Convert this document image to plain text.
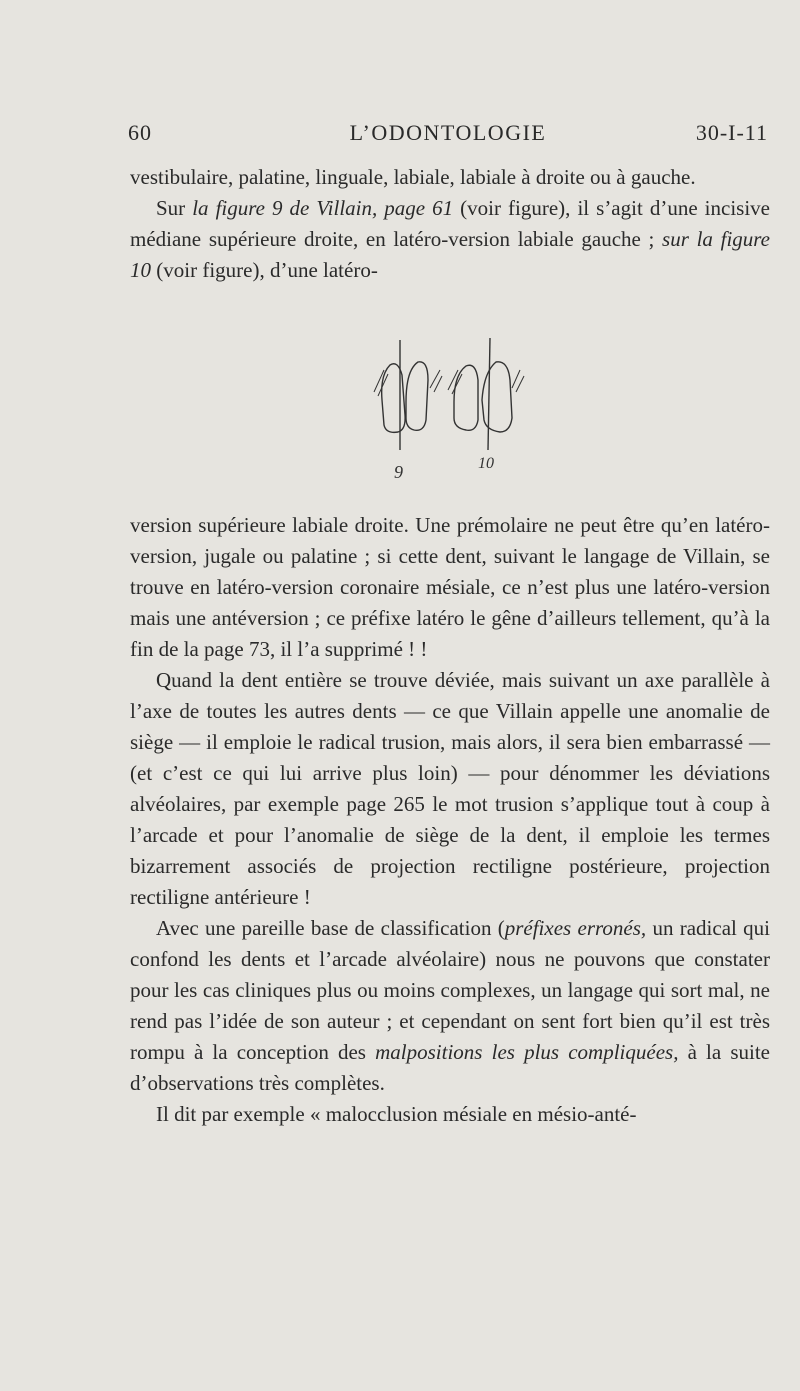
60	L’ODONTOLOGIE	30-I-11

vestibulaire, palatine, linguale, labiale, labiale à droite ou à gauche.

Sur la figure 9 de Villain, page 61 (voir figure), il s’agit d’une incisive médiane supérieure droite, en latéro-version labiale gauche ; sur la figure 10 (voir figure), d’une latéro-

9	10

version supérieure labiale droite. Une prémolaire ne peut être qu’en latéro-version, jugale ou palatine ; si cette dent, suivant le langage de Villain, se trouve en latéro-version coronaire mésiale, ce n’est plus une latéro-version mais une antéversion ; ce préfixe latéro le gêne d’ailleurs tellement, qu’à la fin de la page 73, il l’a supprimé ! !

Quand la dent entière se trouve déviée, mais suivant un axe parallèle à l’axe de toutes les autres dents — ce que Villain appelle une anomalie de siège — il emploie le radical trusion, mais alors, il sera bien embarrassé — (et c’est ce qui lui arrive plus loin) — pour dénommer les déviations alvéolaires, par exemple page 265 le mot trusion s’applique tout à coup à l’arcade et pour l’anomalie de siège de la dent, il emploie les termes bizarrement associés de projection rectiligne postérieure, projection rectiligne antérieure !

Avec une pareille base de classification (préfixes erronés, un radical qui confond les dents et l’arcade alvéolaire) nous ne pouvons que constater pour les cas cliniques plus ou moins complexes, un langage qui sort mal, ne rend pas l’idée de son auteur ; et cependant on sent fort bien qu’il est très rompu à la conception des malpositions les plus compliquées, à la suite d’observations très complètes.

Il dit par exemple « malocclusion mésiale en mésio-anté-
